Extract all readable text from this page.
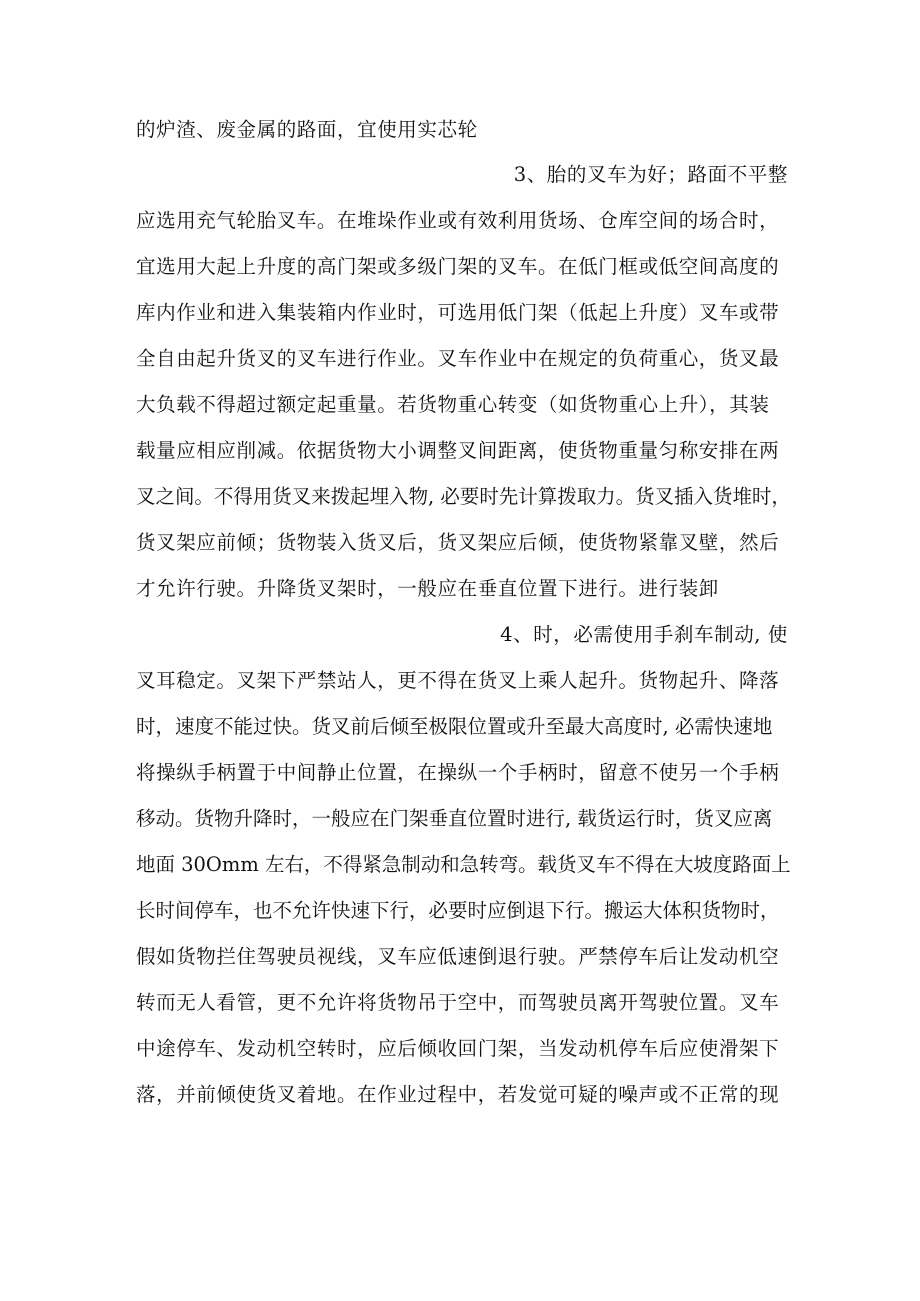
的炉渣、废金属的路面，宜使用实芯轮
3、胎的叉车为好；路面不平整
应选用充气轮胎叉车。在堆垛作业或有效利用货场、仓库空间的场合时，
宜选用大起上升度的高门架或多级门架的叉车。在低门框或低空间高度的
库内作业和进入集装箱内作业时，可选用低门架（低起上升度）叉车或带
全自由起升货叉的叉车进行作业。叉车作业中在规定的负荷重心，货叉最
大负载不得超过额定起重量。若货物重心转变（如货物重心上升），其装
载量应相应削减。依据货物大小调整叉间距离，使货物重量匀称安排在两
叉之间。不得用货叉来拨起埋入物, 必要时先计算拨取力。货叉插入货堆时，
货叉架应前倾；货物装入货叉后，货叉架应后倾，使货物紧靠叉壁，然后
才允许行驶。升降货叉架时，一般应在垂直位置下进行。进行装卸
4、时，必需使用手刹车制动, 使
叉耳稳定。叉架下严禁站人，更不得在货叉上乘人起升。货物起升、降落
时，速度不能过快。货叉前后倾至极限位置或升至最大高度时, 必需快速地
将操纵手柄置于中间静止位置，在操纵一个手柄时，留意不使另一个手柄
移动。货物升降时，一般应在门架垂直位置时进行, 载货运行时，货叉应离
地面 30Omm 左右，不得紧急制动和急转弯。载货叉车不得在大坡度路面上
长时间停车，也不允许快速下行，必要时应倒退下行。搬运大体积货物时，
假如货物拦住驾驶员视线，叉车应低速倒退行驶。严禁停车后让发动机空
转而无人看管，更不允许将货物吊于空中，而驾驶员离开驾驶位置。叉车
中途停车、发动机空转时，应后倾收回门架，当发动机停车后应使滑架下
落，并前倾使货叉着地。在作业过程中，若发觉可疑的噪声或不正常的现
